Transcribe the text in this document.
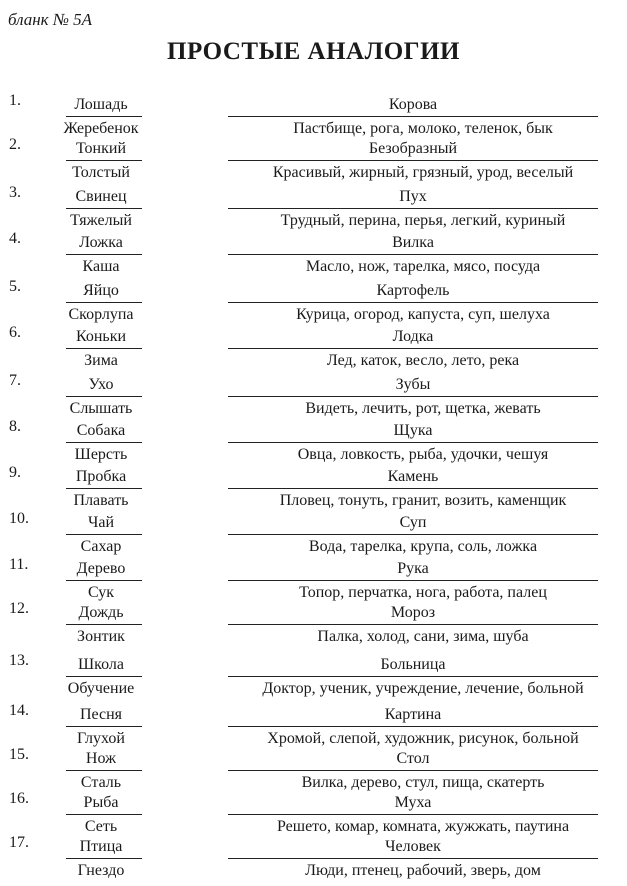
бланк № 5А
ПРОСТЫЕ АНАЛОГИИ
1.	Лошадь
Жеребенок
Корова
Пастбище, рога, молоко, теленок, бык
2.	Тонкий
Толстый
Безобразный
Красивый, жирный, грязный, урод, веселый
3.	Свинец
Тяжелый
Пух
Трудный, перина, перья, легкий, куриный
4.	Ложка
Каша
Вилка
Масло, нож, тарелка, мясо, посуда
5.	Яйцо
Скорлупа
Картофель
Курица, огород, капуста, суп, шелуха
6.	Коньки
Зима
Лодка
Лед, каток, весло, лето, река
7.	Ухо
Слышать
Зубы
Видеть, лечить, рот, щетка, жевать
8.	Собака
Шерсть
Щука
Овца, ловкость, рыба, удочки, чешуя
9.	Пробка
Плавать
Камень
Пловец, тонуть, гранит, возить, каменщик
10.	Чай
Сахар
Суп
Вода, тарелка, крупа, соль, ложка
11.	Дерево
Сук
Рука
Топор, перчатка, нога, работа, палец
12.	Дождь
Зонтик
Мороз
Палка, холод, сани, зима, шуба
13.	Школа
Обучение
Больница
Доктор, ученик, учреждение, лечение, больной
14.	Песня
Глухой
Картина
Хромой, слепой, художник, рисунок, больной
15.	Нож
Сталь
Стол
Вилка, дерево, стул, пища, скатерть
16.	Рыба
Сеть
Муха
Решето, комар, комната, жужжать, паутина
17.	Птица
Гнездо
Человек
Люди, птенец, рабочий, зверь, дом
